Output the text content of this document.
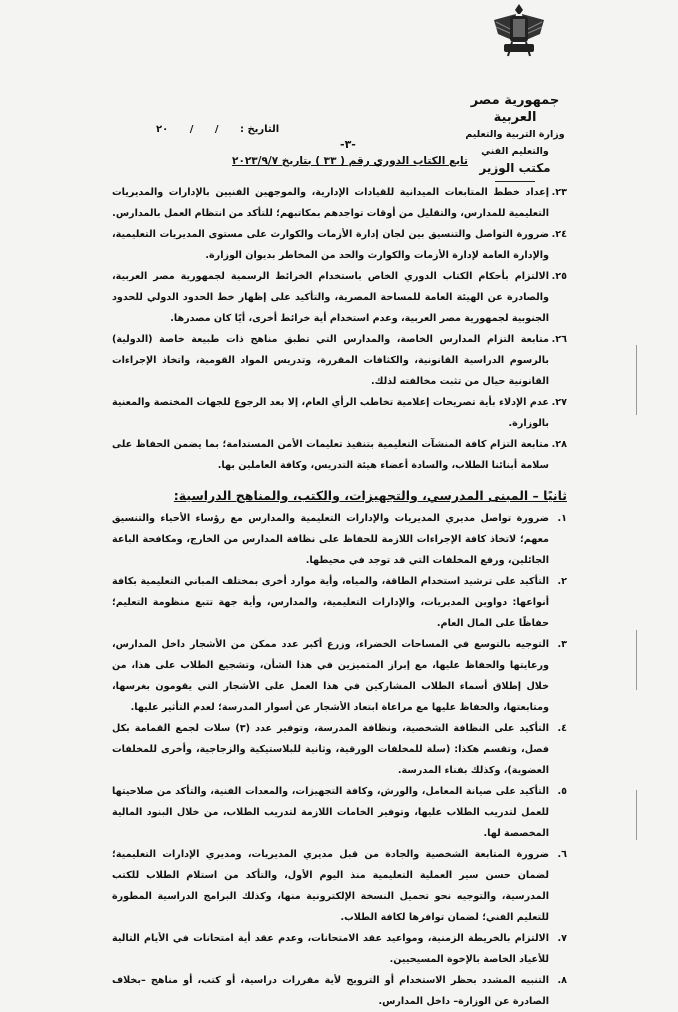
جمهورية مصر العربية
وزارة التربية والتعليم والتعليم الفني
مكتب الوزير
التاريخ : / / ٢٠
-٣-
تابع الكتاب الدوري رقم ( ٣٣ ) بتاريخ ٢٠٢٣/٩/٧
٢٣.
إعداد خطط المتابعات الميدانية للقيادات الإدارية، والموجهين الفنيين بالإدارات والمديريات التعليمية للمدارس، والتقليل من أوقات تواجدهم بمكاتبهم؛ للتأكد من انتظام العمل بالمدارس.
٢٤.
ضرورة التواصل والتنسيق بين لجان إدارة الأزمات والكوارث على مستوى المديريات التعليمية، والإدارة العامة لإدارة الأزمات والكوارث والحد من المخاطر بديوان الوزارة.
٢٥.
الالتزام بأحكام الكتاب الدوري الخاص باستخدام الخرائط الرسمية لجمهورية مصر العربية، والصادرة عن الهيئة العامة للمساحة المصرية، والتأكيد على إظهار خط الحدود الدولي للحدود الجنوبية لجمهورية مصر العربية، وعدم استخدام أية خرائط أخرى، أيًا كان مصدرها.
٢٦.
متابعة التزام المدارس الخاصة، والمدارس التي تطبق مناهج ذات طبيعة خاصة (الدولية) بالرسوم الدراسية القانونية، والكثافات المقررة، وتدريس المواد القومية، واتخاذ الإجراءات القانونية حيال من تثبت مخالفته لذلك.
٢٧.
عدم الإدلاء بأية تصريحات إعلامية تخاطب الرأي العام، إلا بعد الرجوع للجهات المختصة والمعنية بالوزارة.
٢٨.
متابعة التزام كافة المنشآت التعليمية بتنفيذ تعليمات الأمن المستدامة؛ بما يضمن الحفاظ على سلامة أبنائنا الطلاب، والسادة أعضاء هيئة التدريس، وكافة العاملين بها.
ثانيًا – المبنى المدرسي، والتجهيزات، والكتب، والمناهج الدراسية:
١.
ضرورة تواصل مديري المديريات والإدارات التعليمية والمدارس مع رؤساء الأحياء والتنسيق معهم؛ لاتخاذ كافة الإجراءات اللازمة للحفاظ على نظافة المدارس من الخارج، ومكافحة الباعة الجائلين، ورفع المخلفات التي قد توجد في محيطها.
٢.
التأكيد على ترشيد استخدام الطاقة، والمياه، وأية موارد أخرى بمختلف المباني التعليمية بكافة أنواعها: دواوين المديريات، والإدارات التعليمية، والمدارس، وأية جهة تتبع منظومة التعليم؛ حفاظًا على المال العام.
٣.
التوجيه بالتوسع في المساحات الخضراء، وزرع أكبر عدد ممكن من الأشجار داخل المدارس، ورعايتها والحفاظ عليها، مع إبراز المتميزين في هذا الشأن، وتشجيع الطلاب على هذا، من خلال إطلاق أسماء الطلاب المشاركين في هذا العمل على الأشجار التي يقومون بغرسها، ومتابعتها، والحفاظ عليها مع مراعاة ابتعاد الأشجار عن أسوار المدرسة؛ لعدم التأثير عليها.
٤.
التأكيد على النظافة الشخصية، ونظافة المدرسة، وتوفير عدد (٣) سلات لجمع القمامة بكل فصل، وتقسم هكذا: (سلة للمخلفات الورقية، وثانية للبلاستيكية والزجاجية، وأخرى للمخلفات العضوية)، وكذلك بفناء المدرسة.
٥.
التأكيد على صيانة المعامل، والورش، وكافة التجهيزات، والمعدات الفنية، والتأكد من صلاحيتها للعمل لتدريب الطلاب عليها، وتوفير الخامات اللازمة لتدريب الطلاب، من خلال البنود المالية المخصصة لها.
٦.
ضرورة المتابعة الشخصية والجادة من قبل مديري المديريات، ومديري الإدارات التعليمية؛ لضمان حسن سير العملية التعليمية منذ اليوم الأول، والتأكد من استلام الطلاب للكتب المدرسية، والتوجيه نحو تحميل النسخة الإلكترونية منها، وكذلك البرامج الدراسية المطورة للتعليم الفني؛ لضمان توافرها لكافة الطلاب.
٧.
الالتزام بالخريطة الزمنية، ومواعيد عقد الامتحانات، وعدم عقد أية امتحانات في الأيام التالية للأعياد الخاصة بالإخوة المسيحيين.
٨.
التنبيه المشدد بحظر الاستخدام أو الترويج لأية مقررات دراسية، أو كتب، أو مناهج –بخلاف الصادرة عن الوزارة– داخل المدارس.
